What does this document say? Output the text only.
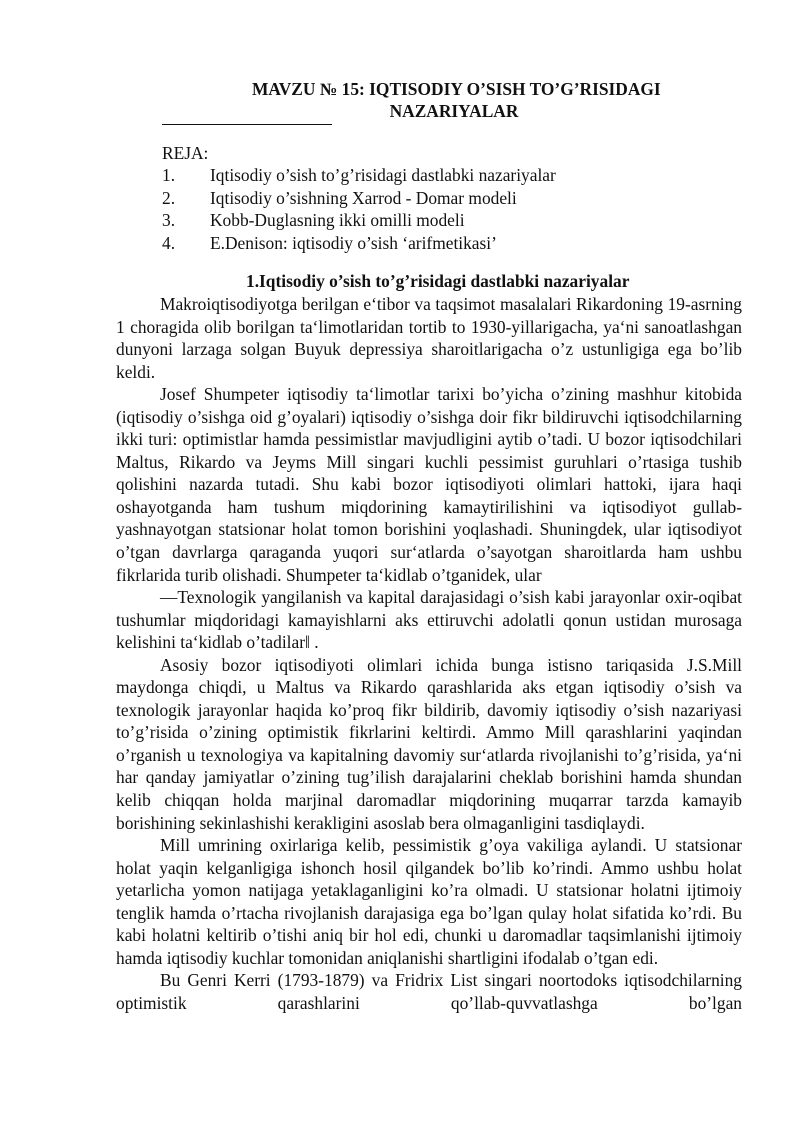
MAVZU № 15: IQTISODIY O’SISH TO’G’RISIDAGI
NAZARIYALAR
REJA:
1.	Iqtisodiy o’sish to’g’risidagi dastlabki nazariyalar
2.	Iqtisodiy o’sishning Xarrod - Domar modeli
3.	Kobb-Duglasning ikki omilli modeli
4.	E.Denison: iqtisodiy o’sish ‘arifmetikasi’
1.Iqtisodiy o’sish to’g’risidagi dastlabki nazariyalar

Makroiqtisodiyotga berilgan e‘tibor va taqsimot masalalari Rikardoning 19-asrning 1 choragida olib borilgan ta‘limotlaridan tortib to 1930-yillarigacha, ya‘ni sanoatlashgan dunyoni larzaga solgan Buyuk depressiya sharoitlarigacha o’z ustunligiga ega bo’lib keldi.

Josef Shumpeter iqtisodiy ta‘limotlar tarixi bo’yicha o’zining mashhur kitobida (iqtisodiy o’sishga oid g’oyalari) iqtisodiy o’sishga doir fikr bildiruvchi iqtisodchilarning ikki turi: optimistlar hamda pessimistlar mavjudligini aytib o’tadi. U bozor iqtisodchilari Maltus, Rikardo va Jeyms Mill singari kuchli pessimist guruhlari o’rtasiga tushib qolishini nazarda tutadi. Shu kabi bozor iqtisodiyoti olimlari hattoki, ijara haqi oshayotganda ham tushum miqdorining kamaytirilishini va iqtisodiyot gullab-yashnayotgan statsionar holat tomon borishini yoqlashadi. Shuningdek, ular iqtisodiyot o’tgan davrlarga qaraganda yuqori sur‘atlarda o’sayotgan sharoitlarda ham ushbu fikrlarida turib olishadi. Shumpeter ta‘kidlab o’tganidek, ular

―Texnologik yangilanish va kapital darajasidagi o’sish kabi jarayonlar oxir-oqibat tushumlar miqdoridagi kamayishlarni aks ettiruvchi adolatli qonun ustidan murosaga kelishini ta‘kidlab o’tadilar‖ .

Asosiy bozor iqtisodiyoti olimlari ichida bunga istisno tariqasida J.S.Mill maydonga chiqdi, u Maltus va Rikardo qarashlarida aks etgan iqtisodiy o’sish va texnologik jarayonlar haqida ko’proq fikr bildirib, davomiy iqtisodiy o’sish nazariyasi to’g’risida o’zining optimistik fikrlarini keltirdi. Ammo Mill qarashlarini yaqindan o’rganish u texnologiya va kapitalning davomiy sur‘atlarda rivojlanishi to’g’risida, ya‘ni har qanday jamiyatlar o’zining tug’ilish darajalarini cheklab borishini hamda shundan kelib chiqqan holda marjinal daromadlar miqdorining muqarrar tarzda kamayib borishining sekinlashishi kerakligini asoslab bera olmaganligini tasdiqlaydi.

Mill umrining oxirlariga kelib, pessimistik g’oya vakiliga aylandi. U statsionar holat yaqin kelganligiga ishonch hosil qilgandek bo’lib ko’rindi. Ammo ushbu holat yetarlicha yomon natijaga yetaklaganligini ko’ra olmadi. U statsionar holatni ijtimoiy tenglik hamda o’rtacha rivojlanish darajasiga ega bo’lgan qulay holat sifatida ko’rdi. Bu kabi holatni keltirib o’tishi aniq bir hol edi, chunki u daromadlar taqsimlanishi ijtimoiy hamda iqtisodiy kuchlar tomonidan aniqlanishi shartligini ifodalab o’tgan edi.

Bu Genri Kerri (1793-1879) va Fridrix List singari noortodoks iqtisodchilarning optimistik qarashlarini qo’llab-quvvatlashga bo’lgan
